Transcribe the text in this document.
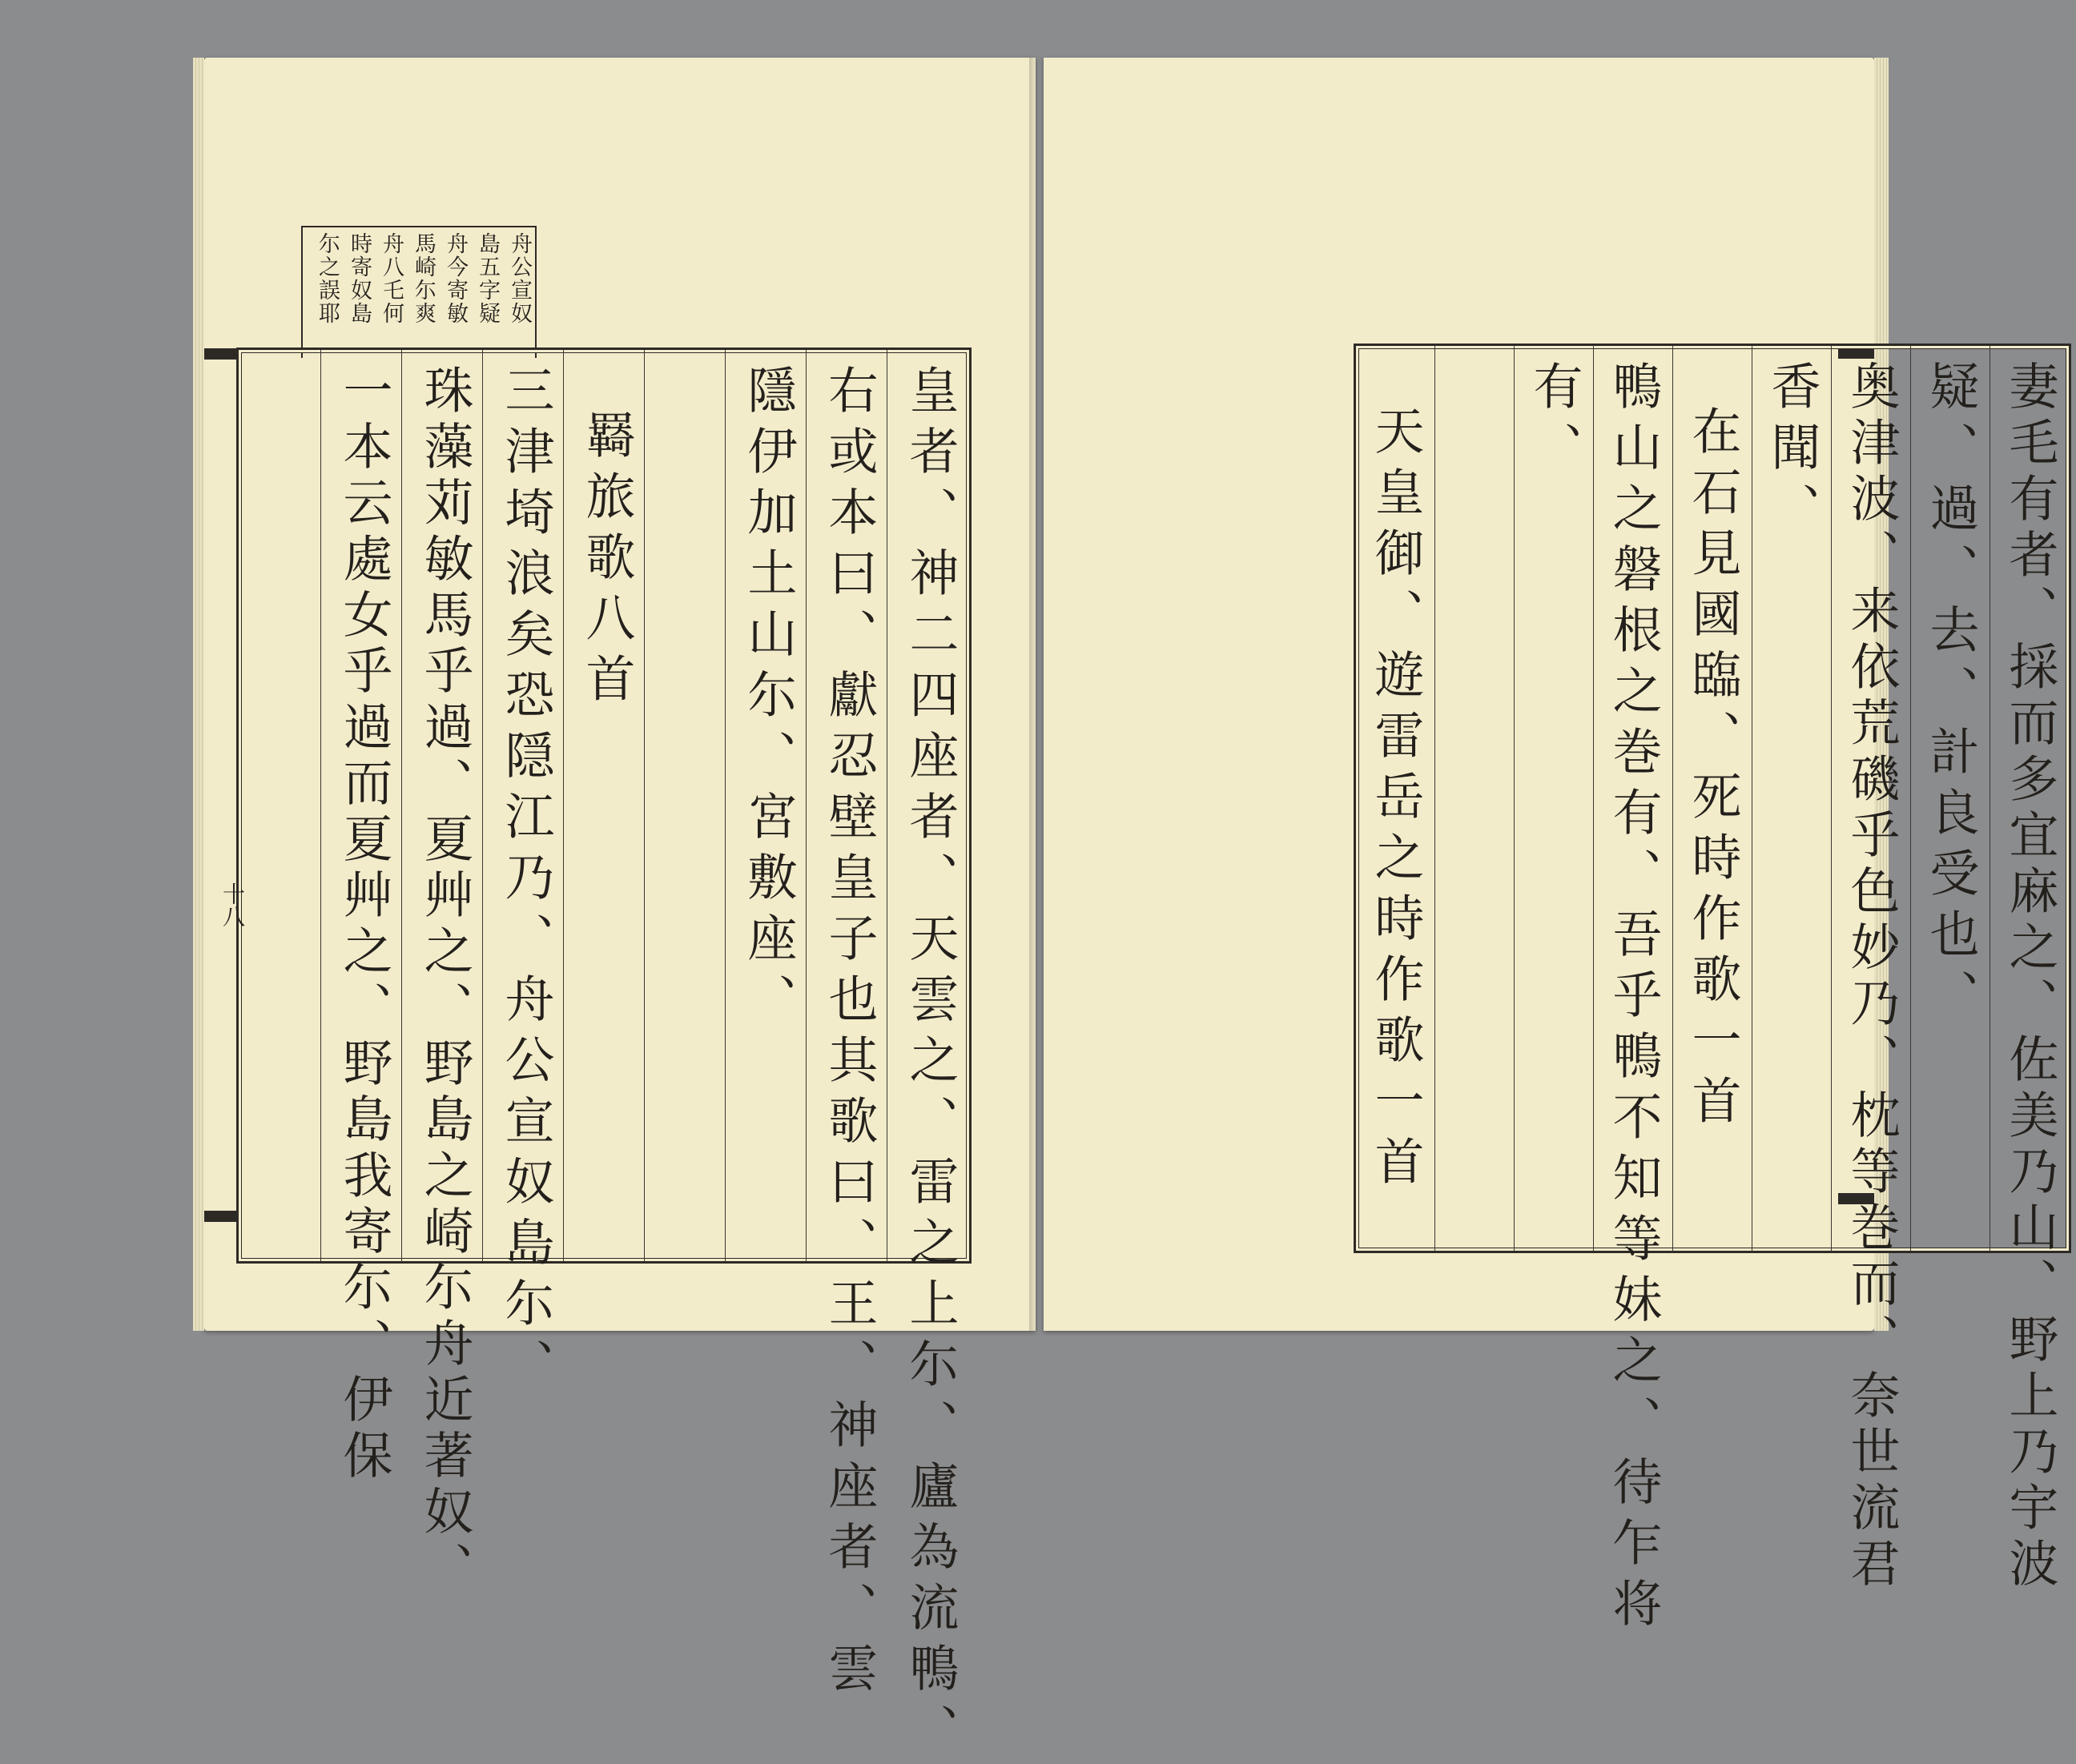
舟公宣奴
島五字疑
舟今寄敏
馬崎尓爽
舟八乇何
時寄奴島
尓之誤耶
皇者、神二四座者、天雲之、雷之上尓、廬為流鴨、
右或本曰、獻忍壁皇子也其歌曰、王、神座者、雲
隱伊加土山尓、宮敷座、
羇旅歌八首
三津埼浪矣恐隠江乃、舟公宣奴島尓、
珠藻苅敏馬乎過、夏艸之、野島之崎尓舟近著奴、
一本云處女乎過而夏艸之、野島我寄尓、伊保
十八	妻毛有者、採而多宜麻之、佐美乃山、野上乃宇波
疑、過、去、計良受也、
奥津波、来依荒磯乎色妙乃、枕等巻而、奈世流君
香聞、
在石見國臨、死時作歌一首
鴨山之磐根之巻有、吾乎鴨不知等妹之、待乍将
有、
天皇御、遊雷岳之時作歌一首
